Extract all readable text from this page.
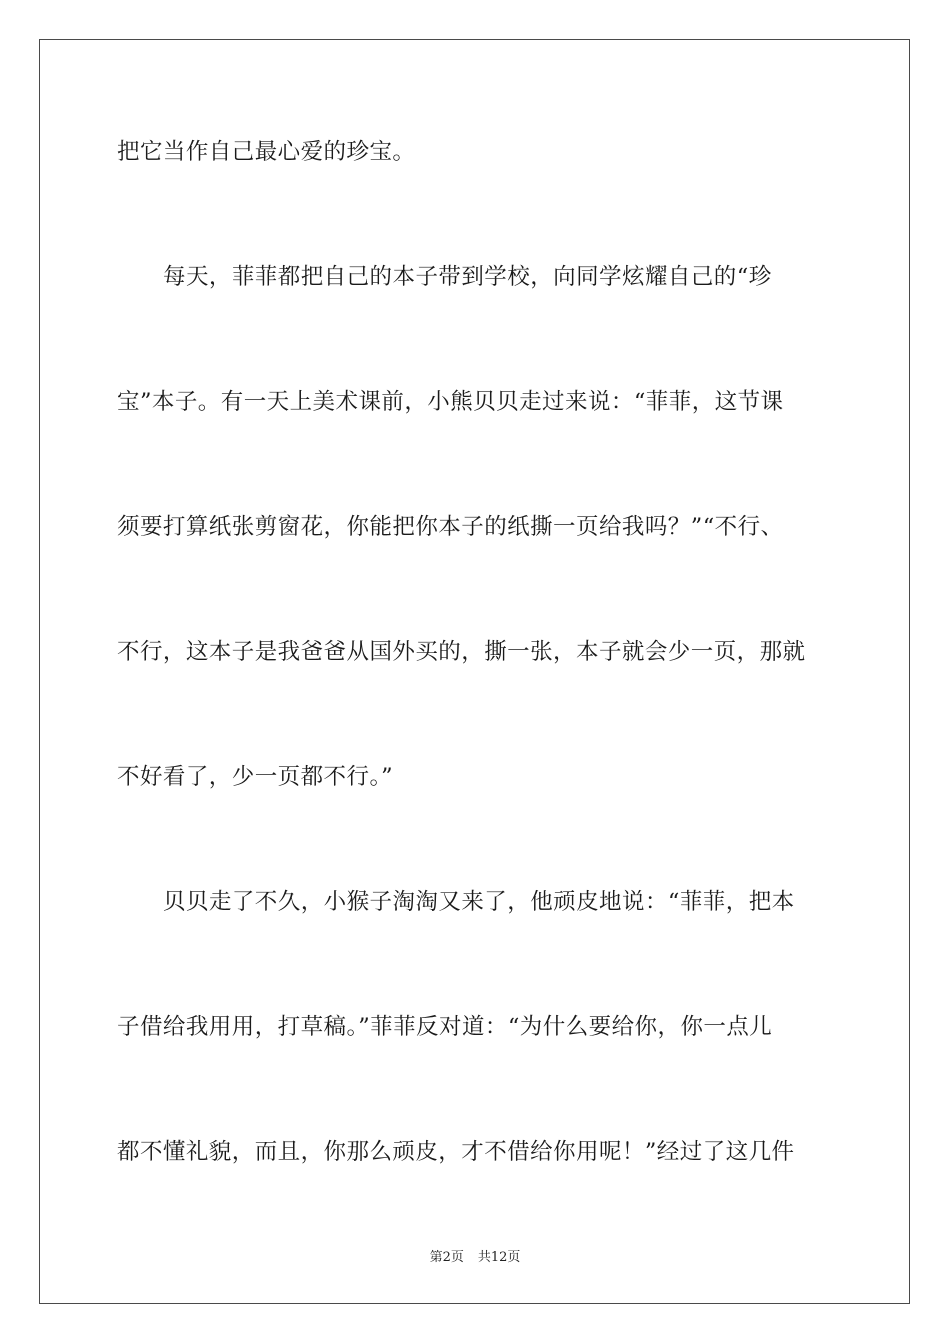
把它当作自己最心爱的珍宝。
每天，菲菲都把自己的本子带到学校，向同学炫耀自己的“珍
宝”本子。有一天上美术课前，小熊贝贝走过来说：“菲菲，这节课
须要打算纸张剪窗花，你能把你本子的纸撕一页给我吗？”“不行、
不行，这本子是我爸爸从国外买的，撕一张，本子就会少一页，那就
不好看了，少一页都不行。”
贝贝走了不久，小猴子淘淘又来了，他顽皮地说：“菲菲，把本
子借给我用用，打草稿。”菲菲反对道：“为什么要给你，你一点儿
都不懂礼貌，而且，你那么顽皮，才不借给你用呢！”经过了这几件
第2页 共12页
